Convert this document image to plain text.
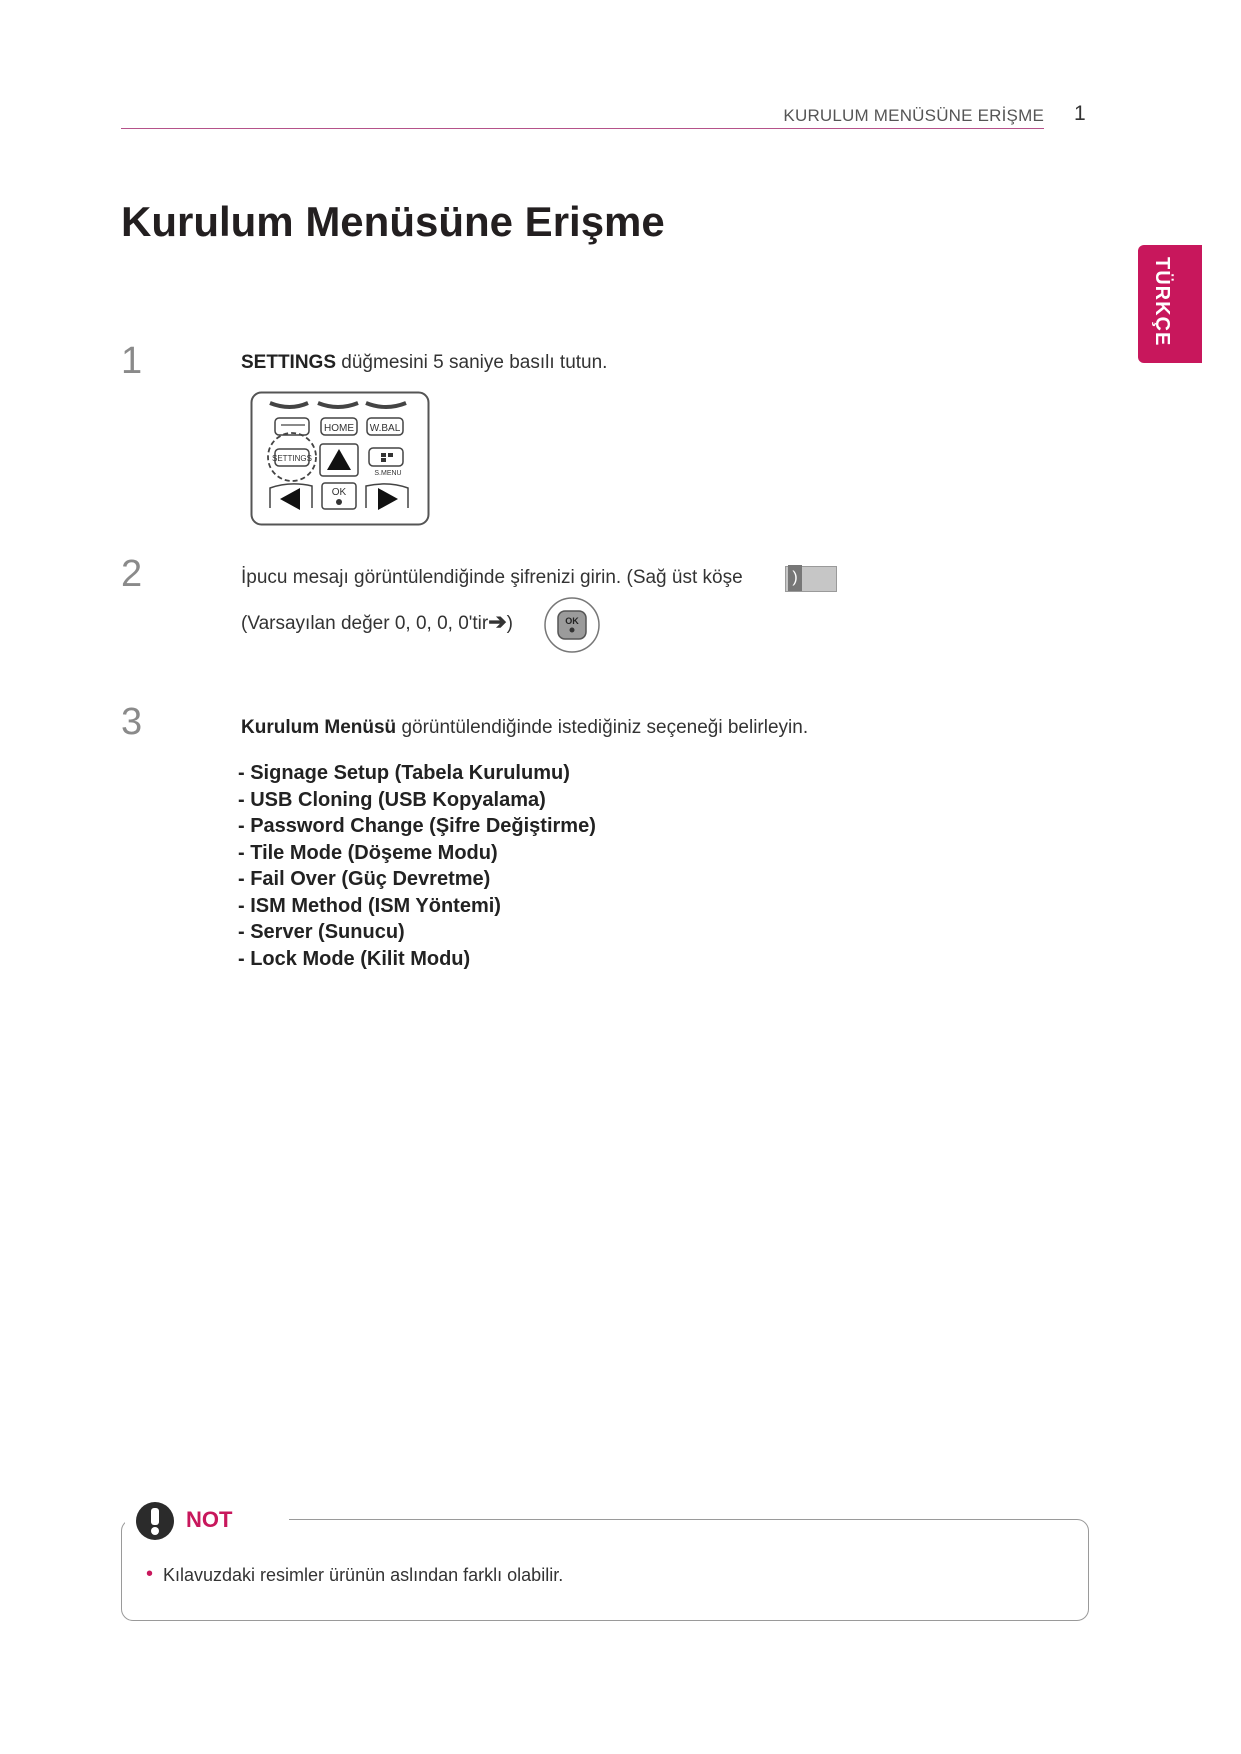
KURULUM MENÜSÜNE ERİŞME 1
TÜRKÇE
Kurulum Menüsüne Erişme
1	SETTINGS düğmesini 5 saniye basılı tutun.
HOME W.BAL
SETTINGS
S.MENU
OK
2	İpucu mesajı görüntülendiğinde şifrenizi girin. (Sağ üst köşe	)
(Varsayılan değer 0, 0, 0, 0'tir➔)	OK
3	Kurulum Menüsü görüntülendiğinde istediğiniz seçeneği belirleyin.
- Signage Setup (Tabela Kurulumu)
- USB Cloning (USB Kopyalama)
- Password Change (Şifre Değiştirme)
- Tile Mode (Döşeme Modu)
- Fail Over (Güç Devretme)
- ISM Method (ISM Yöntemi)
- Server (Sunucu)
- Lock Mode (Kilit Modu)
NOT
• Kılavuzdaki resimler ürünün aslından farklı olabilir.
